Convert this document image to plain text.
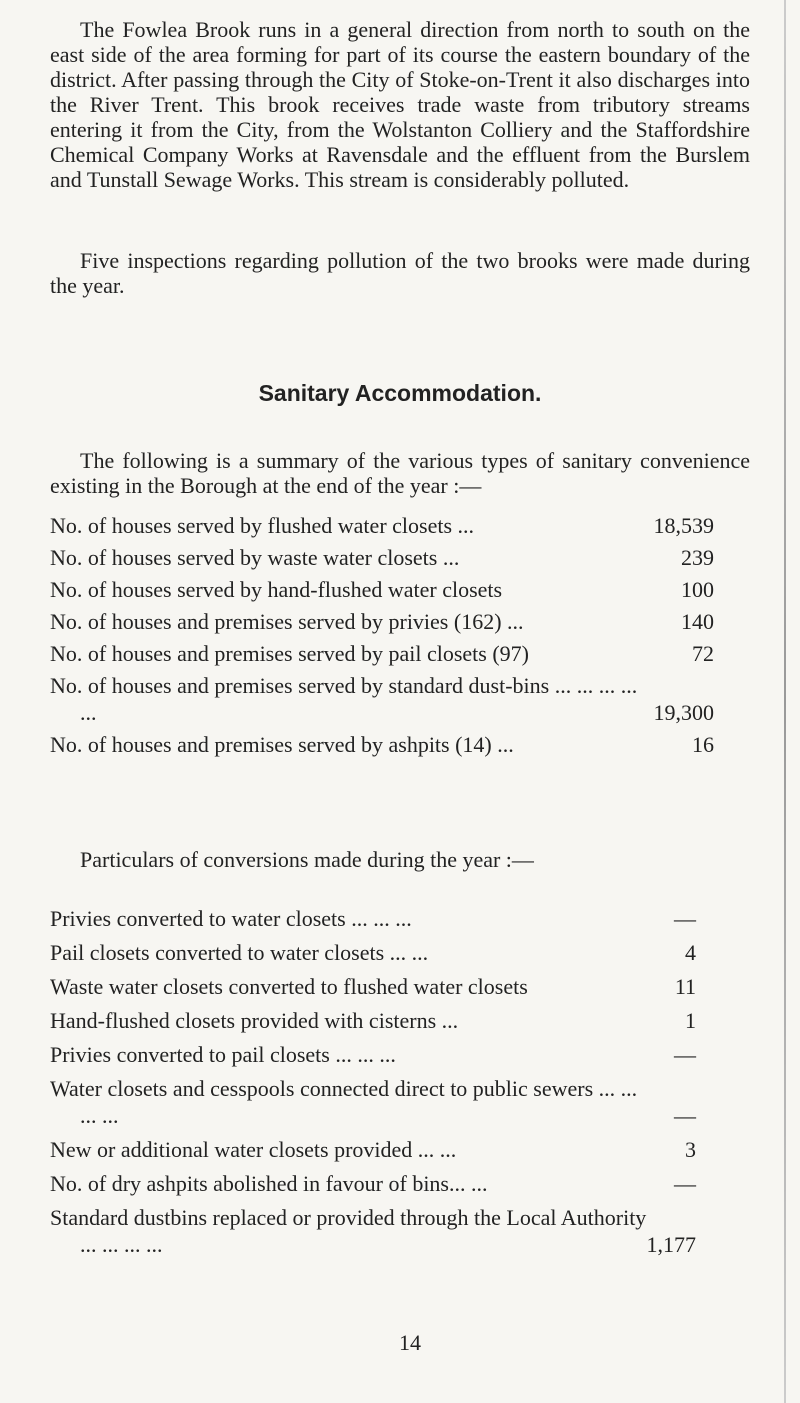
The Fowlea Brook runs in a general direction from north to south on the east side of the area forming for part of its course the eastern boundary of the district. After passing through the City of Stoke-on-Trent it also discharges into the River Trent. This brook receives trade waste from tributory streams entering it from the City, from the Wolstanton Colliery and the Staffordshire Chemical Company Works at Ravensdale and the effluent from the Burslem and Tunstall Sewage Works. This stream is considerably polluted.

Five inspections regarding pollution of the two brooks were made during the year.

Sanitary Accommodation.

The following is a summary of the various types of sanitary convenience existing in the Borough at the end of the year :—

No. of houses served by flushed water closets ...	18,539
No. of houses served by waste water closets ...	239
No. of houses served by hand-flushed water closets	100
No. of houses and premises served by privies (162) ...	140
No. of houses and premises served by pail closets (97)	72
No. of houses and premises served by standard dust-bins ... ... ... ... ...	19,300
No. of houses and premises served by ashpits (14) ...	16

Particulars of conversions made during the year :—

Privies converted to water closets ... ... ...	—
Pail closets converted to water closets ... ...	4
Waste water closets converted to flushed water closets	11
Hand-flushed closets provided with cisterns ...	1
Privies converted to pail closets ... ... ...	—
Water closets and cesspools connected direct to public sewers ... ... ... ...	—
New or additional water closets provided ... ...	3
No. of dry ashpits abolished in favour of bins... ...	—
Standard dustbins replaced or provided through the Local Authority ... ... ... ...	1,177
14
